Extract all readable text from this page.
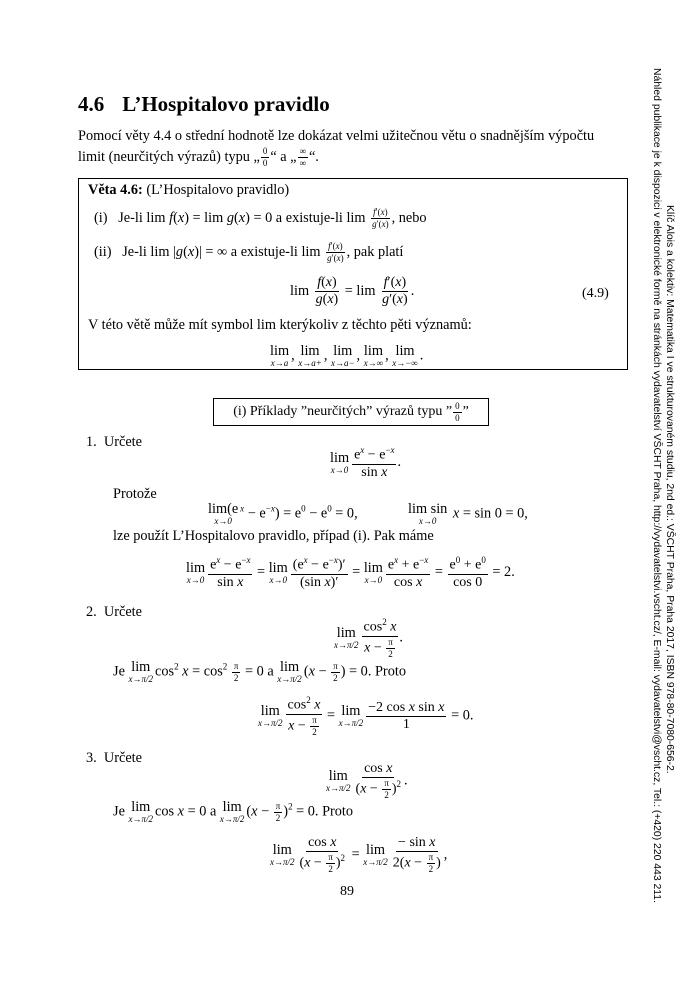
4.6 L’Hospitalovo pravidlo
Pomocí věty 4.4 o střední hodnotě lze dokázat velmi užitečnou větu o snadnějším výpočtu
limit (neurčitých výrazů) typu „ $\frac{0}{0}$ “ a „ $\frac{\infty}{\infty}$ “.
Věta 4.6: (L’Hospitalovo pravidlo)
(i) Je-li lim f(x) = lim g(x) = 0 a existuje-li $\lim \frac{f'(x)}{g'(x)}$ , nebo
(ii) Je-li lim |g(x)| = ∞ a existuje-li $\lim \frac{f'(x)}{g'(x)}$ , pak platí
$\lim \frac{f(x)}{g(x)} = \lim \frac{f'(x)}{g'(x)}$ .	(4.9)
V této větě může mít symbol lim kterýkoliv z těchto pěti významů:
lim
x→a , lim
x→a+ , lim
x→a− , lim
x→∞ , lim
x→−∞ .
(i) Příklady ”neurčitých” výrazů typu ” $\frac{0}{0}$ ”
1. Určete
lim
$x\to 0 \frac{e^x - e^{-x}}{\text{sin x}}$ .
Protože
lim(e
x→0
$^x - e^{-x}) = e^0 - e^0 = 0$,	lim sin
x→0 x = sin 0 = 0,
lze použít L’Hospitalovo pravidlo, případ (i). Pak máme
lim
$x\to 0 \frac{e^x - e^{-x}}{\text{sin x}} = \lim$
$x\to 0 \frac{(e^x - e^{-x})'}{\text{(sin x)′}} = \lim$
$x\to 0 \frac{e^x + e^{-x}}{\text{cos x}} = \frac{e^0 + e^0}{\cos 0} = 2$.
2. Určete
lim
$x\to\pi/2 \frac{\cos^2 x}{x - \frac{\pi}{2}}$ .
Je lim
x→π/2 $\cos^2 x = \cos^2 \frac{\pi}{2} = 0$ a lim
x→π/2 ($x - \frac{\pi}{2}$ ) = 0. Proto
lim
$x\to\pi/2 \frac{\cos^2 x}{x - \frac{\pi}{2}} = \lim$
$x\to\pi/2 \frac{\text{−2 cos x sin x}}{1} = 0$.
3. Určete
lim
$x\to\pi/2 \frac{\text{cos x}}{(x - \frac{\pi}{2} )^2}$ .
Je lim
x→π/2 cos x = 0 a lim
x→π/2 $(x - \frac{\pi}{2} )^2 = 0$. Proto
lim
$x\to\pi/2 \frac{\text{cos x}}{(x - \frac{\pi}{2} )^2} = \lim$
$x\to\pi/2 \frac{\text{− sin x}}{2(x - \frac{\pi}{2} )}$ ,
89	Náhled publikace je k dispozici v elektronické formě na stránkách vydavatelství VŠCHT Praha, http://vydavatelstvi.vscht.cz/, E-mail: vydavatelstvi@vscht.cz, Tel.: (+420) 220 443 211. Klíč Alois a kolektiv: Matematika I ve strukturovaném studiu, 2nd ed.: VŠCHT Praha, Praha 2017, ISBN 978-80-7080-656-2.
